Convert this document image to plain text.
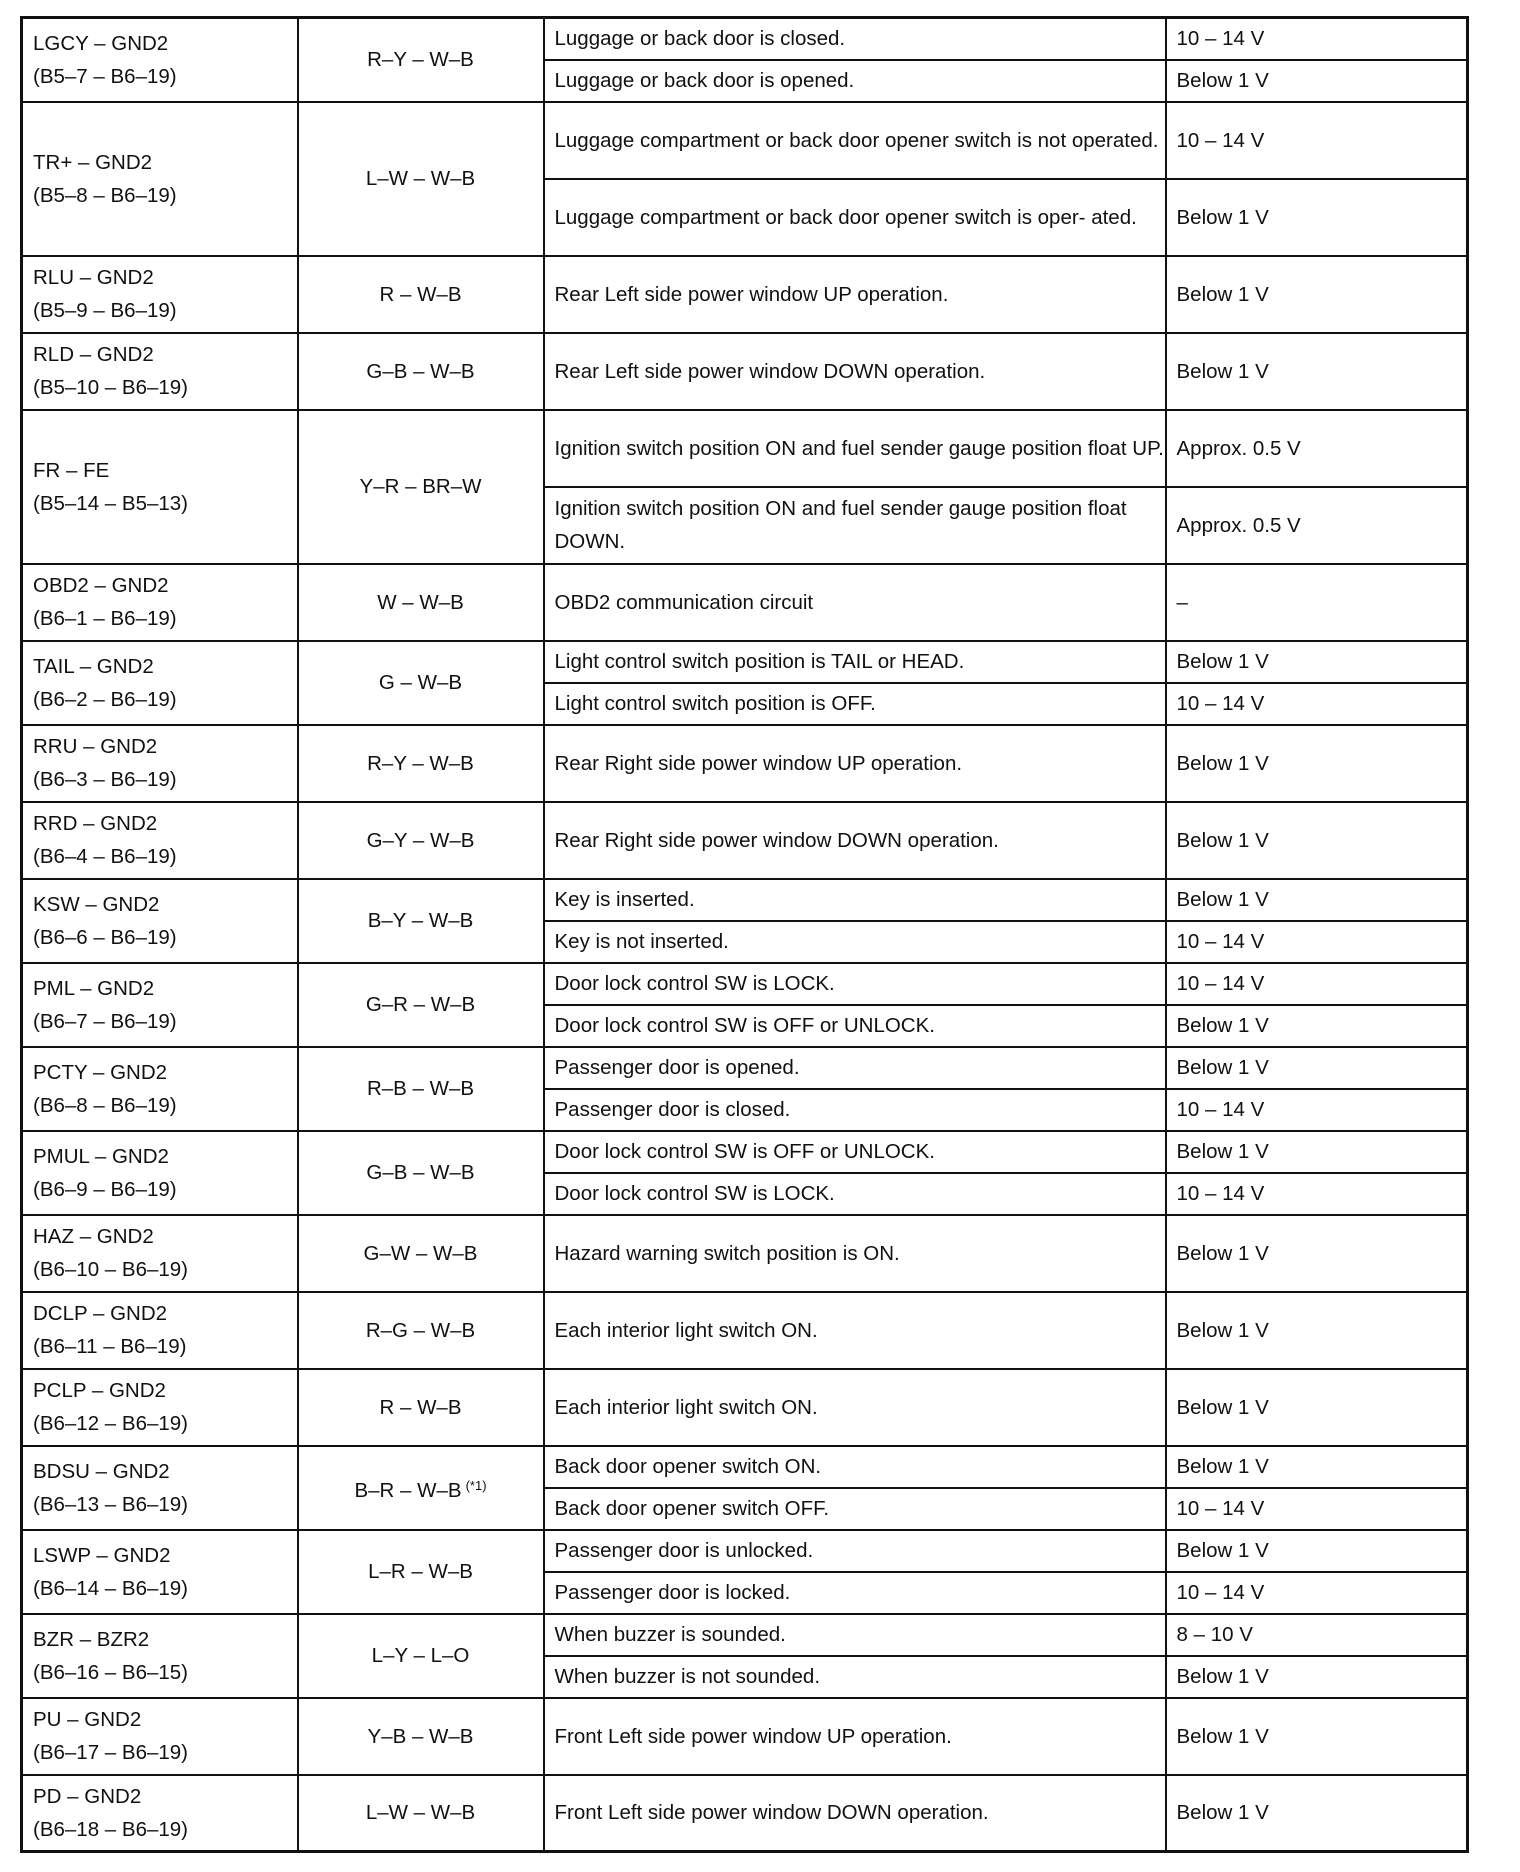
LGCY – GND2
(B5–7 – B6–19)	R–Y – W–B	Luggage or back door is closed.	10 – 14 V
		Luggage or back door is opened.	Below 1 V

TR+ – GND2
(B5–8 – B6–19)	L–W – W–B	Luggage compartment or back door opener switch is not operated.	10 – 14 V
		Luggage compartment or back door opener switch is oper- ated.	Below 1 V

RLU – GND2
(B5–9 – B6–19)	R – W–B	Rear Left side power window UP operation.	Below 1 V

RLD – GND2
(B5–10 – B6–19)	G–B – W–B	Rear Left side power window DOWN operation.	Below 1 V

FR – FE
(B5–14 – B5–13)	Y–R – BR–W	Ignition switch position ON and fuel sender gauge position float UP.	Approx. 0.5 V
		Ignition switch position ON and fuel sender gauge position float DOWN.	Approx. 0.5 V

OBD2 – GND2
(B6–1 – B6–19)	W – W–B	OBD2 communication circuit	–

TAIL – GND2
(B6–2 – B6–19)	G – W–B	Light control switch position is TAIL or HEAD.	Below 1 V
		Light control switch position is OFF.	10 – 14 V

RRU – GND2
(B6–3 – B6–19)	R–Y – W–B	Rear Right side power window UP operation.	Below 1 V

RRD – GND2
(B6–4 – B6–19)	G–Y – W–B	Rear Right side power window DOWN operation.	Below 1 V

KSW – GND2
(B6–6 – B6–19)	B–Y – W–B	Key is inserted.	Below 1 V
		Key is not inserted.	10 – 14 V

PML – GND2
(B6–7 – B6–19)	G–R – W–B	Door lock control SW is LOCK.	10 – 14 V
		Door lock control SW is OFF or UNLOCK.	Below 1 V

PCTY – GND2
(B6–8 – B6–19)	R–B – W–B	Passenger door is opened.	Below 1 V
		Passenger door is closed.	10 – 14 V

PMUL – GND2
(B6–9 – B6–19)	G–B – W–B	Door lock control SW is OFF or UNLOCK.	Below 1 V
		Door lock control SW is LOCK.	10 – 14 V

HAZ – GND2
(B6–10 – B6–19)	G–W – W–B	Hazard warning switch position is ON.	Below 1 V

DCLP – GND2
(B6–11 – B6–19)	R–G – W–B	Each interior light switch ON.	Below 1 V

PCLP – GND2
(B6–12 – B6–19)	R – W–B	Each interior light switch ON.	Below 1 V

BDSU – GND2
(B6–13 – B6–19)	B–R – W–B $^{(*1)}$	Back door opener switch ON.	Below 1 V
		Back door opener switch OFF.	10 – 14 V

LSWP – GND2
(B6–14 – B6–19)	L–R – W–B	Passenger door is unlocked.	Below 1 V
		Passenger door is locked.	10 – 14 V

BZR – BZR2
(B6–16 – B6–15)	L–Y – L–O	When buzzer is sounded.	8 – 10 V
		When buzzer is not sounded.	Below 1 V

PU – GND2
(B6–17 – B6–19)	Y–B – W–B	Front Left side power window UP operation.	Below 1 V

PD – GND2
(B6–18 – B6–19)	L–W – W–B	Front Left side power window DOWN operation.	Below 1 V
